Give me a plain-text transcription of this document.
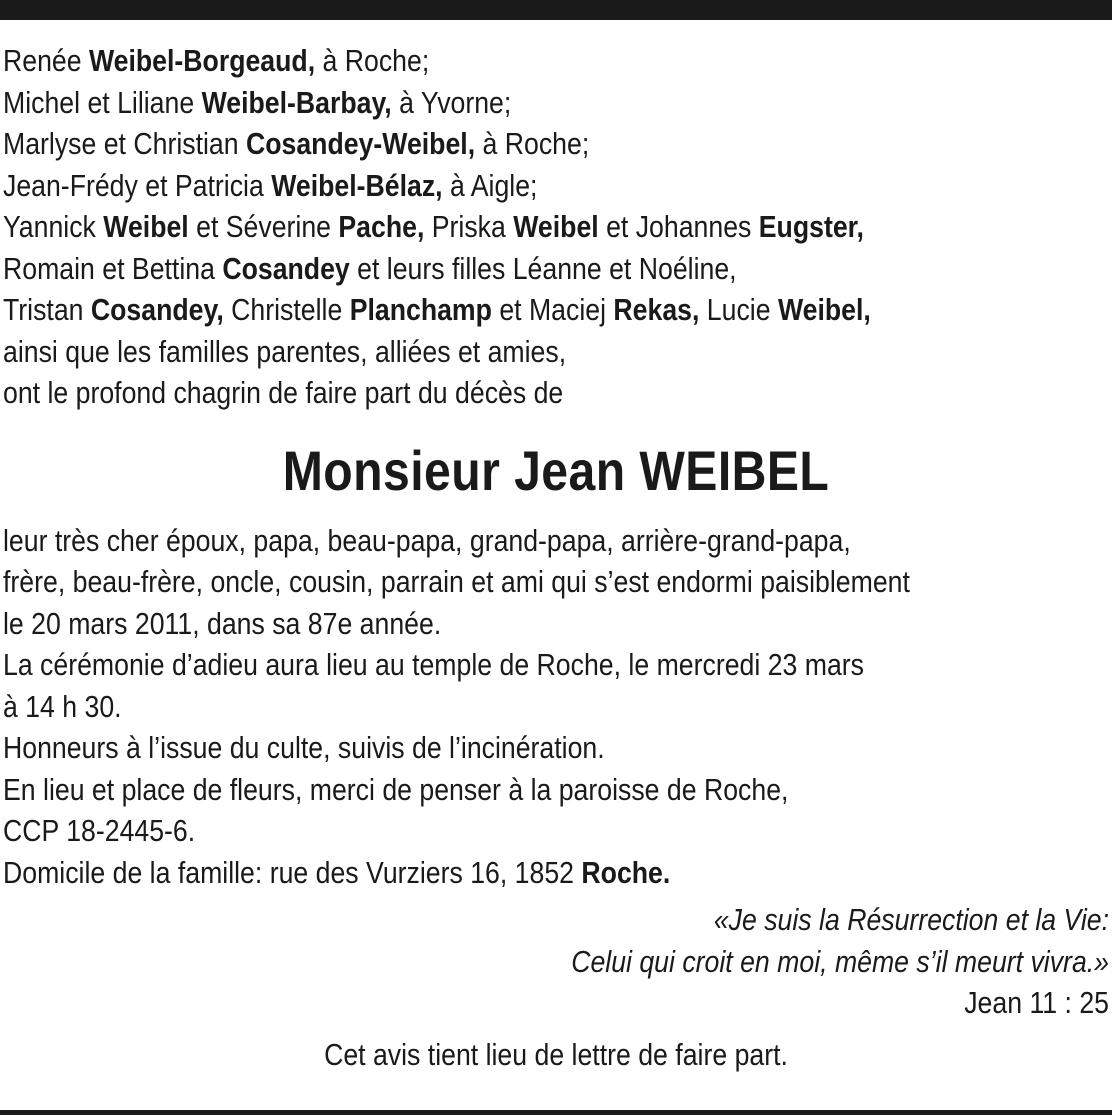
Renée Weibel-Borgeaud, à Roche;
Michel et Liliane Weibel-Barbay, à Yvorne;
Marlyse et Christian Cosandey-Weibel, à Roche;
Jean-Frédy et Patricia Weibel-Bélaz, à Aigle;
Yannick Weibel et Séverine Pache, Priska Weibel et Johannes Eugster,
Romain et Bettina Cosandey et leurs filles Léanne et Noéline,
Tristan Cosandey, Christelle Planchamp et Maciej Rekas, Lucie Weibel,
ainsi que les familles parentes, alliées et amies,
ont le profond chagrin de faire part du décès de
Monsieur Jean WEIBEL
leur très cher époux, papa, beau-papa, grand-papa, arrière-grand-papa,
frère, beau-frère, oncle, cousin, parrain et ami qui s’est endormi paisiblement
le 20 mars 2011, dans sa 87e année.
La cérémonie d’adieu aura lieu au temple de Roche, le mercredi 23 mars
à 14 h 30.
Honneurs à l’issue du culte, suivis de l’incinération.
En lieu et place de fleurs, merci de penser à la paroisse de Roche,
CCP 18-2445-6.
Domicile de la famille: rue des Vurziers 16, 1852 Roche.
«Je suis la Résurrection et la Vie:
Celui qui croit en moi, même s’il meurt vivra.»
Jean 11 : 25
Cet avis tient lieu de lettre de faire part.
